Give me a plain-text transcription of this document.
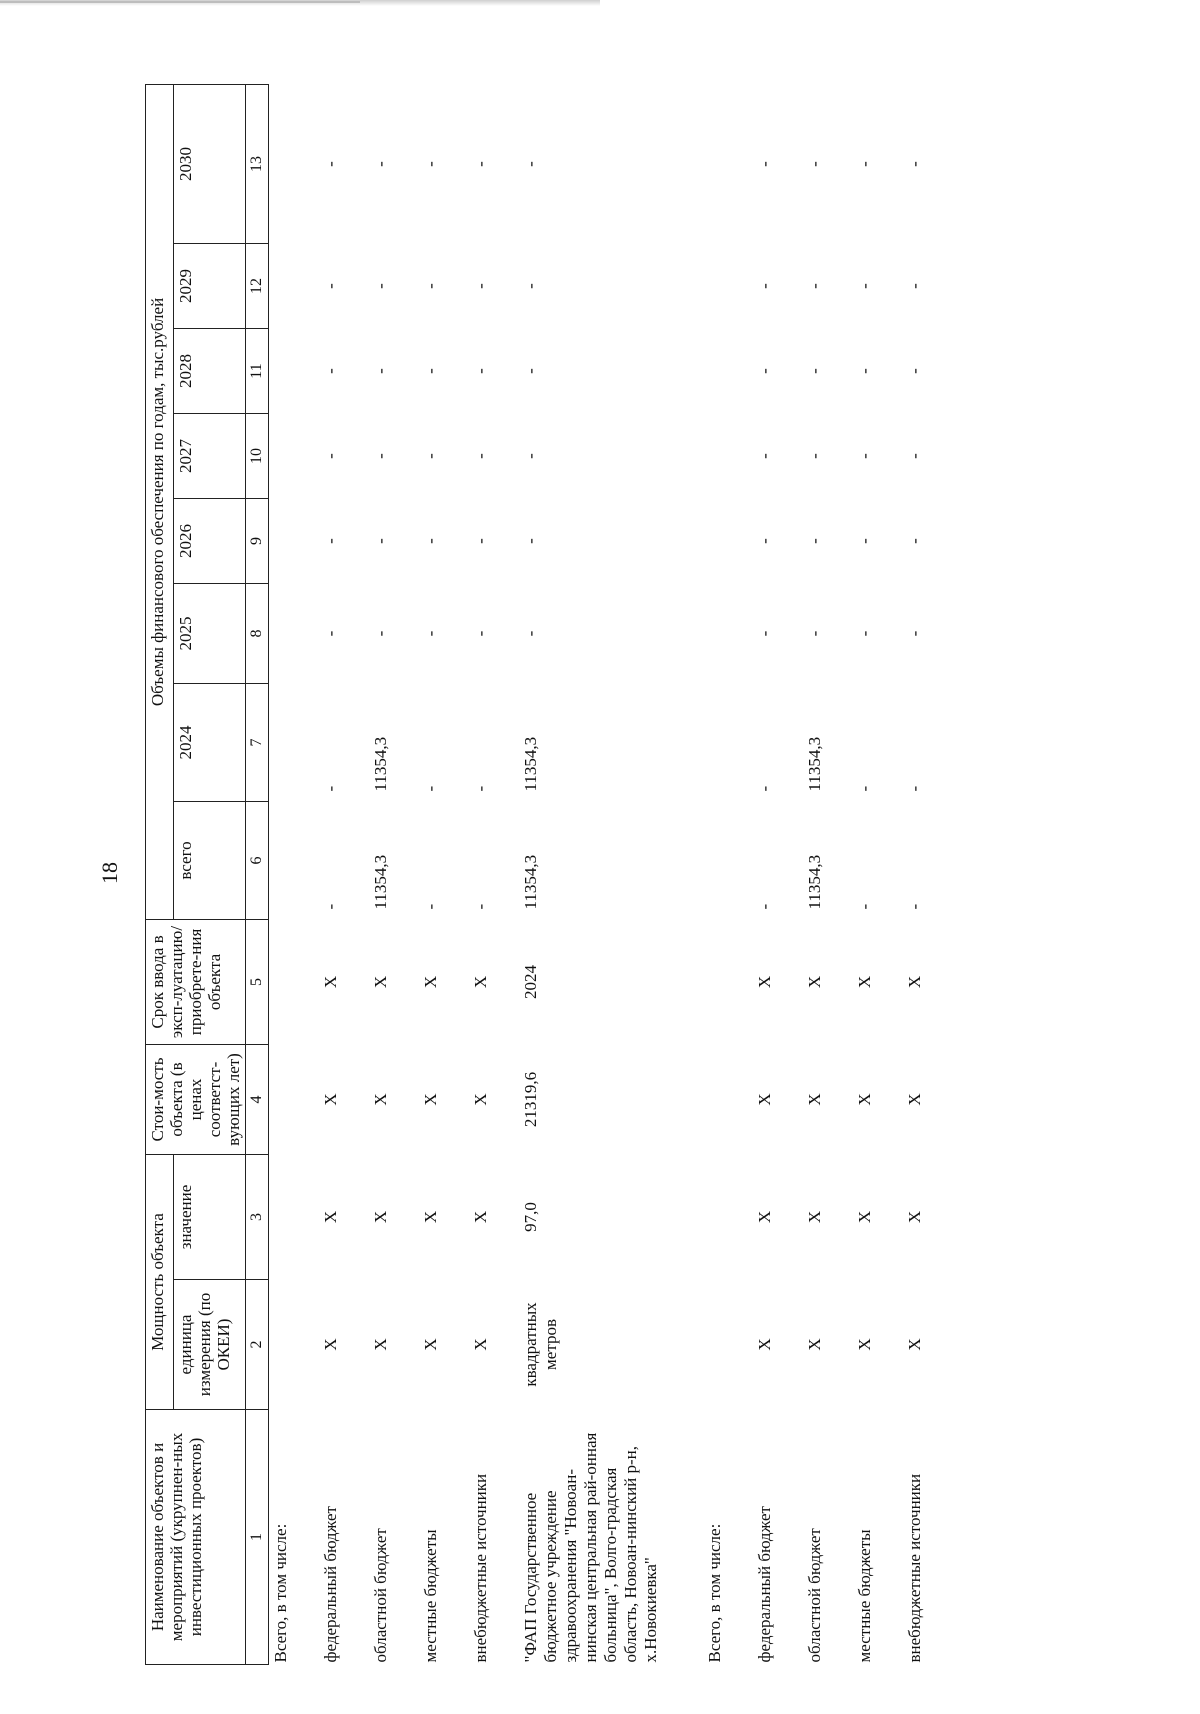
18
Наименование объектов и мероприятий (укрупнен-ных инвестиционных проектов)	Мощность объекта		Стои-мость объекта (в ценах соответст-вующих лет)	Срок ввода в эксп-луатацию/ приобрете-ния объекта	Объемы финансового обеспечения по годам, тыс.рублей							
	единица измерения (по ОКЕИ)	значение			всего	2024	2025	2026	2027	2028	2029	2030
1	2	3	4	5	6	7	8	9	10	11	12	13
Всего, в том числе:												
федеральный бюджет	Х	Х	Х	Х	-	-	-	-	-	-	-	-
областной бюджет	Х	Х	Х	Х	11354,3	11354,3	-	-	-	-	-	-
местные бюджеты	Х	Х	Х	Х	-	-	-	-	-	-	-	-
внебюджетные источники	Х	Х	Х	Х	-	-	-	-	-	-	-	-
"ФАП Государственное бюджетное учреждение здравоохранения "Новоан-нинская центральная рай-онная больница", Волго-градская область, Новоан-нинский р-н, х.Новокиевка"	квадратных метров	97,0	21319,6	2024	11354,3	11354,3	-	-	-	-	-	-
Всего, в том числе:												
федеральный бюджет	Х	Х	Х	Х	-	-	-	-	-	-	-	-
областной бюджет	Х	Х	Х	Х	11354,3	11354,3	-	-	-	-	-	-
местные бюджеты	Х	Х	Х	Х	-	-	-	-	-	-	-	-
внебюджетные источники	Х	Х	Х	Х	-	-	-	-	-	-	-	-
